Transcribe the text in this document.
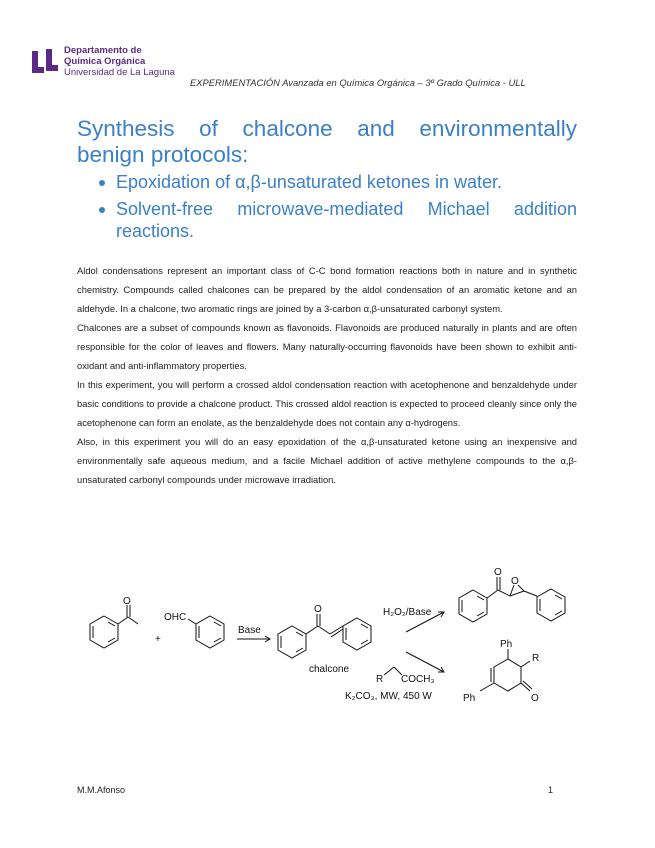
Departamento de
Química Orgánica
Universidad de La Laguna
EXPERIMENTACIÓN Avanzada en Química Orgánica – 3º Grado Química - ULL
Synthesis of chalcone and environmentally benign protocols:
Epoxidation of α,β-unsaturated ketones in water.
Solvent-free microwave-mediated Michael addition reactions.

Aldol condensations represent an important class of C-C bond formation reactions both in nature and in synthetic chemistry. Compounds called chalcones can be prepared by the aldol condensation of an aromatic ketone and an aldehyde. In a chalcone, two aromatic rings are joined by a 3-carbon α,β-unsaturated carbonyl system.

Chalcones are a subset of compounds known as flavonoids. Flavonoids are produced naturally in plants and are often responsible for the color of leaves and flowers. Many naturally-occurring flavonoids have been shown to exhibit anti-oxidant and anti-inflammatory properties.

In this experiment, you will perform a crossed aldol condensation reaction with acetophenone and benzaldehyde under basic conditions to provide a chalcone product. This crossed aldol reaction is expected to proceed cleanly since only the acetophenone can form an enolate, as the benzaldehyde does not contain any α-hydrogens.

Also, in this experiment you will do an easy epoxidation of the α,β-unsaturated ketone using an inexpensive and environmentally safe aqueous medium, and a facile Michael addition of active methylene compounds to the α,β-unsaturated carbonyl compounds under microwave irradiation.

O
+
OHC
Base
O
chalcone
H₂O₂/Base
O
O
R COCH₃
K₂CO₃, MW, 450 W
Ph
R
Ph	O
M.M.Afonso	1
